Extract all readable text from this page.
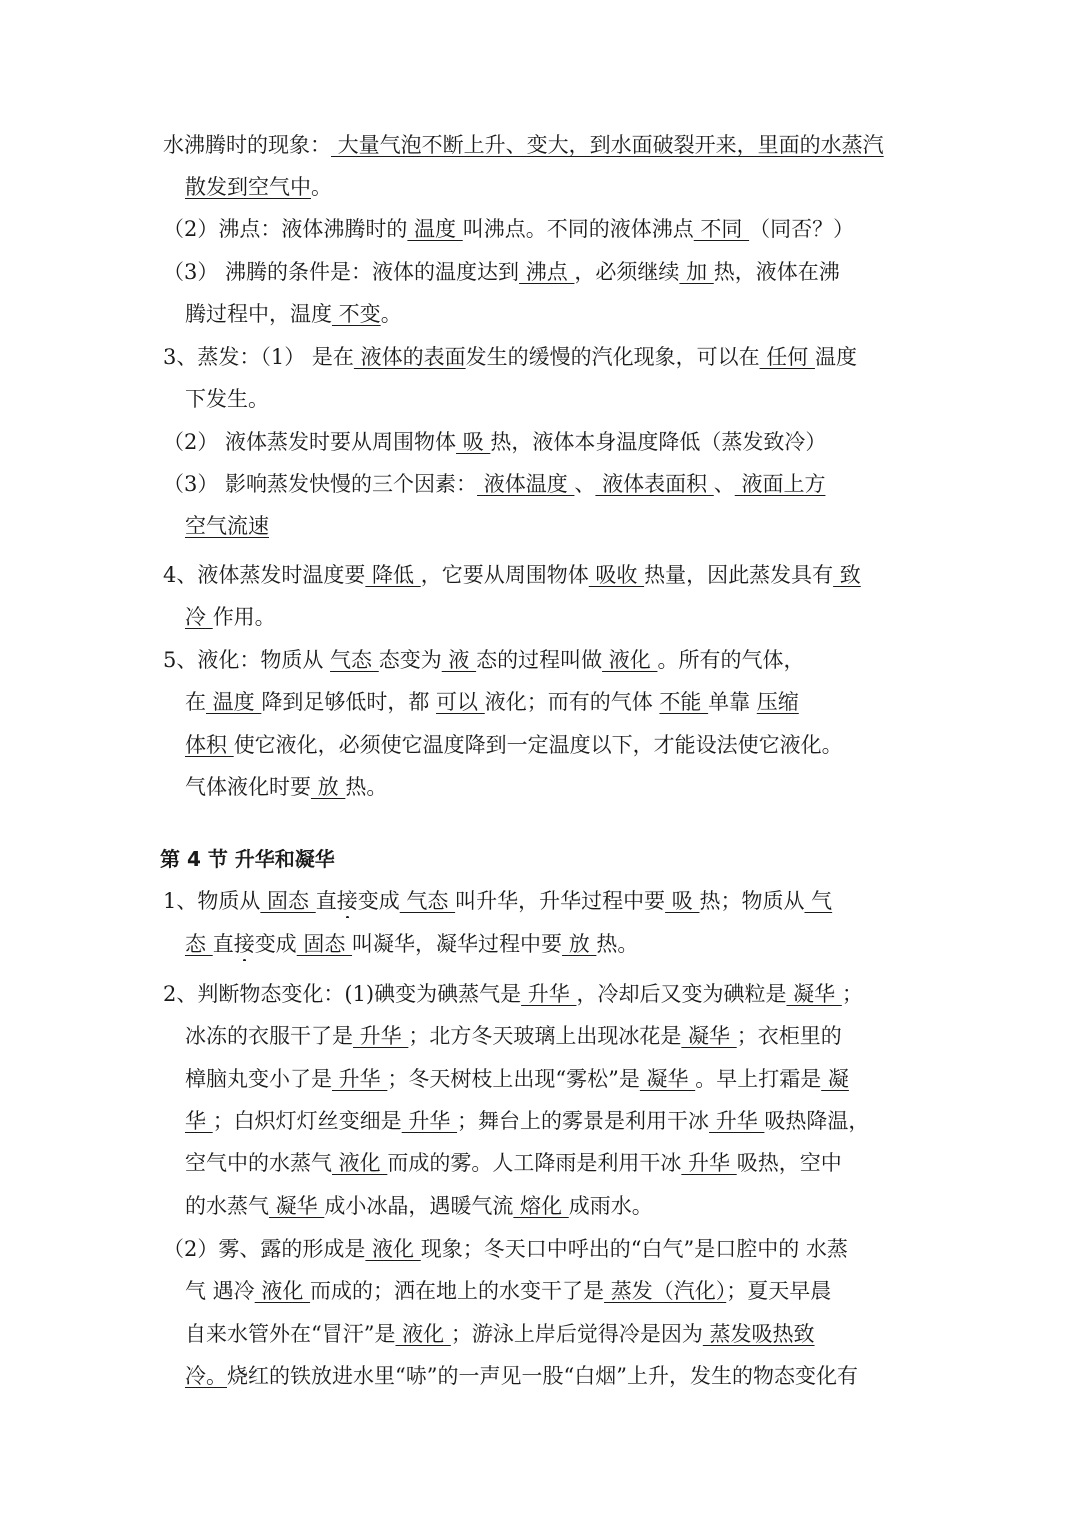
水沸腾时的现象： 大量气泡不断上升、变大，到水面破裂开来，里面的水蒸汽
散发到空气中。
（2）沸点：液体沸腾时的 温度 叫沸点。不同的液体沸点 不同 （同否？）
（3） 沸腾的条件是：液体的温度达到 沸点 ，必须继续 加 热，液体在沸
腾过程中，温度 不变。
3、蒸发：（1） 是在 液体的表面发生的缓慢的汽化现象，可以在 任何 温度
下发生。
（2） 液体蒸发时要从周围物体 吸 热，液体本身温度降低（蒸发致冷）
（3） 影响蒸发快慢的三个因素： 液体温度 、 液体表面积 、 液面上方
空气流速
4、液体蒸发时温度要 降低 ，它要从周围物体 吸收 热量，因此蒸发具有 致
冷 作用。
5、液化：物质从 气态 态变为 液 态的过程叫做 液化 。所有的气体，
在 温度 降到足够低时，都 可以 液化；而有的气体 不能 单靠 压缩
体积 使它液化，必须使它温度降到一定温度以下，才能设法使它液化。
气体液化时要 放 热。
第 4 节 升华和凝华
1、物质从 固态 直接变成 气态 叫升华，升华过程中要 吸 热；物质从 气
态 直接变成 固态 叫凝华，凝华过程中要 放 热。
2、判断物态变化：(1)碘变为碘蒸气是 升华 ，冷却后又变为碘粒是 凝华 ；
冰冻的衣服干了是 升华 ；北方冬天玻璃上出现冰花是 凝华 ；衣柜里的
樟脑丸变小了是 升华 ；冬天树枝上出现“雾松”是 凝华 。早上打霜是 凝
华 ；白炽灯灯丝变细是 升华 ；舞台上的雾景是利用干冰 升华 吸热降温，
空气中的水蒸气 液化 而成的雾。人工降雨是利用干冰 升华 吸热，空中
的水蒸气 凝华 成小冰晶，遇暖气流 熔化 成雨水。
（2）雾、露的形成是 液化 现象；冬天口中呼出的“白气”是口腔中的 水蒸
气 遇冷 液化 而成的；洒在地上的水变干了是 蒸发（汽化）；夏天早晨
自来水管外在“冒汗”是 液化 ；游泳上岸后觉得冷是因为 蒸发吸热致
冷。烧红的铁放进水里“哧”的一声见一股“白烟”上升，发生的物态变化有
